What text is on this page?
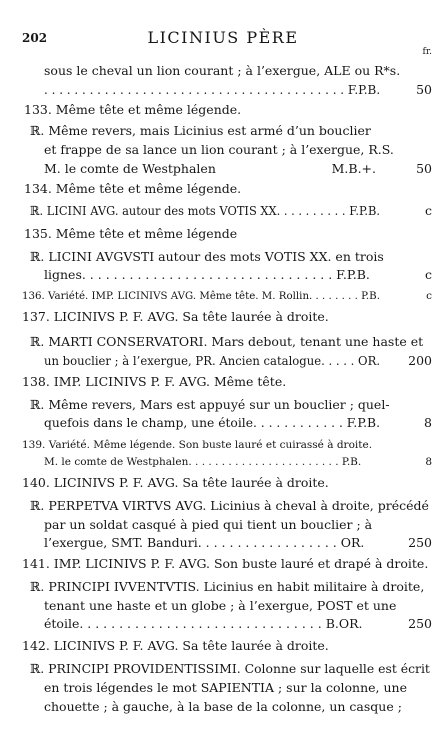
202	LICINIUS PÈRE
fr.
sous le cheval un lion courant ; à l’exergue, ALE ou R*s.
. . . . . . . . . . . . . . . . . . . . . . . . . . . . . . . . . . . . . . . . F.P.B.	50
133. Même tête et même légende.
ℝ. Même revers, mais Licinius est armé d’un bouclier
et frappe de sa lance un lion courant ; à l’exergue, R.S.
M. le comte de Westphalen	M.B.+.	50
134. Même tête et même légende.
ℝ. LICINI AVG. autour des mots VOTIS XX. . . . . . . . . . F.P.B.	c
135. Même tête et même légende
ℝ. LICINI AVGVSTI autour des mots VOTIS XX. en trois
lignes. . . . . . . . . . . . . . . . . . . . . . . . . . . . . . . . F.P.B.	c
136. Variété. IMP. LICINIVS AVG. Même tête. M. Rollin. . . . . . . . P.B.	c
137. LICINIVS P. F. AVG. Sa tête laurée à droite.
ℝ. MARTI CONSERVATORI. Mars debout, tenant une haste et
un bouclier ; à l’exergue, PR. Ancien catalogue. . . . . OR.	200
138. IMP. LICINIVS P. F. AVG. Même tête.
ℝ. Même revers, Mars est appuyé sur un bouclier ; quel-
quefois dans le champ, une étoile. . . . . . . . . . . . F.P.B.	8
139. Variété. Même légende. Son buste lauré et cuirassé à droite.
M. le comte de Westphalen. . . . . . . . . . . . . . . . . . . . . . . P.B.	8
140. LICINIVS P. F. AVG. Sa tête laurée à droite.
ℝ. PERPETVA VIRTVS AVG. Licinius à cheval à droite, précédé
par un soldat casqué à pied qui tient un bouclier ; à
l’exergue, SMT. Banduri. . . . . . . . . . . . . . . . . . OR.	250
141. IMP. LICINIVS P. F. AVG. Son buste lauré et drapé à droite.
ℝ. PRINCIPI IVVENTVTIS. Licinius en habit militaire à droite,
tenant une haste et un globe ; à l’exergue, POST et une
étoile. . . . . . . . . . . . . . . . . . . . . . . . . . . . . . . B.OR.	250
142. LICINIVS P. F. AVG. Sa tête laurée à droite.
ℝ. PRINCIPI PROVIDENTISSIMI. Colonne sur laquelle est écrit
en trois légendes le mot SAPIENTIA ; sur la colonne, une
chouette ; à gauche, à la base de la colonne, un casque ;
